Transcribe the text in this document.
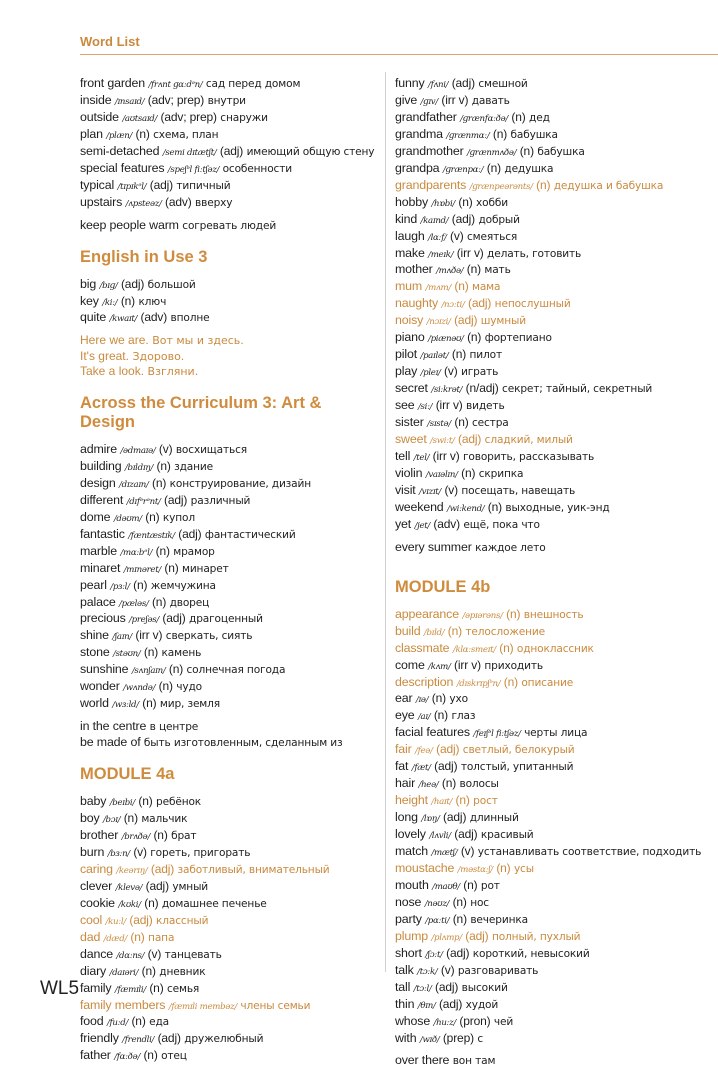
Word List
front garden /frʌnt ɡɑːdᵊn/ сад перед домом
inside /ɪnsaɪd/ (adv; prep) внутри
outside /aʊtsaɪd/ (adv; prep) снаружи
plan /plæn/ (n) схема, план
semi-detached /semi dɪtætʃt/ (adj) имеющий общую стену
special features /speʃᵊl fiːtʃəz/ особенности
typical /tɪpɪkᵊl/ (adj) типичный
upstairs /ʌpsteəz/ (adv) вверху
keep people warm согревать людей
English in Use 3
big /bɪɡ/ (adj) большой
key /kiː/ (n) ключ
quite /kwaɪt/ (adv) вполне
Here we are. Вот мы и здесь.
It's great. Здорово.
Take a look. Взгляни.
Across the Curriculum 3: Art & Design
admire /ədmaɪə/ (v) восхищаться
building /bɪldɪŋ/ (n) здание
design /dɪzaɪn/ (n) конструирование, дизайн
different /dɪfᵊrᵊnt/ (adj) различный
dome /dəʊm/ (n) купол
fantastic /fæntæstɪk/ (adj) фантастический
marble /mɑːbᵊl/ (n) мрамор
minaret /mɪnəret/ (n) минарет
pearl /pɜːl/ (n) жемчужина
palace /pæləs/ (n) дворец
precious /preʃəs/ (adj) драгоценный
shine /ʃaɪn/ (irr v) сверкать, сиять
stone /stəʊn/ (n) камень
sunshine /sʌnʃaɪn/ (n) солнечная погода
wonder /wʌndə/ (n) чудо
world /wɜːld/ (n) мир, земля
in the centre в центре
be made of быть изготовленным, сделанным из
MODULE 4a
baby /beɪbi/ (n) ребёнок
boy /bɔɪ/ (n) мальчик
brother /brʌðə/ (n) брат
burn /bɜːn/ (v) гореть, пригорать
caring /keərɪŋ/ (adj) заботливый, внимательный
clever /klevə/ (adj) умный
cookie /kʊki/ (n) домашнее печенье
cool /kuːl/ (adj) классный
dad /dæd/ (n) папа
dance /dɑːns/ (v) танцевать
diary /daɪəri/ (n) дневник
family /fæmɪli/ (n) семья
family members /fæmɪli membəz/ члены семьи
food /fuːd/ (n) еда
friendly /frendli/ (adj) дружелюбный
father /fɑːðə/ (n) отец
funny /fʌni/ (adj) смешной
give /ɡɪv/ (irr v) давать
grandfather /ɡrænfɑːðə/ (n) дед
grandma /ɡrænmɑː/ (n) бабушка
grandmother /ɡrænmʌðə/ (n) бабушка
grandpa /ɡrænpɑː/ (n) дедушка
grandparents /ɡrænpeərənts/ (n) дедушка и бабушка
hobby /hɒbi/ (n) хобби
kind /kaɪnd/ (adj) добрый
laugh /lɑːf/ (v) смеяться
make /meɪk/ (irr v) делать, готовить
mother /mʌðə/ (n) мать
mum /mʌm/ (n) мама
naughty /nɔːti/ (adj) непослушный
noisy /nɔɪzi/ (adj) шумный
piano /piænəʊ/ (n) фортепиано
pilot /paɪlət/ (n) пилот
play /pleɪ/ (v) играть
secret /siːkrət/ (n/adj) секрет; тайный, секретный
see /siː/ (irr v) видеть
sister /sɪstə/ (n) сестра
sweet /swiːt/ (adj) сладкий, милый
tell /tel/ (irr v) говорить, рассказывать
violin /vaɪəlɪn/ (n) скрипка
visit /vɪzɪt/ (v) посещать, навещать
weekend /wiːkend/ (n) выходные, уик-энд
yet /jet/ (adv) ещё, пока что
every summer каждое лето
MODULE 4b
appearance /əpɪərəns/ (n) внешность
build /bɪld/ (n) телосложение
classmate /klɑːsmeɪt/ (n) одноклассник
come /kʌm/ (irr v) приходить
description /dɪskrɪpʃᵊn/ (n) описание
ear /ɪə/ (n) ухо
eye /aɪ/ (n) глаз
facial features /feɪʃᵊl fiːtʃəz/ черты лица
fair /feə/ (adj) светлый, белокурый
fat /fæt/ (adj) толстый, упитанный
hair /heə/ (n) волосы
height /haɪt/ (n) рост
long /lɒŋ/ (adj) длинный
lovely /lʌvli/ (adj) красивый
match /mætʃ/ (v) устанавливать соответствие, подходить
moustache /məstɑːʃ/ (n) усы
mouth /maʊθ/ (n) рот
nose /nəʊz/ (n) нос
party /pɑːti/ (n) вечеринка
plump /plʌmp/ (adj) полный, пухлый
short /ʃɔːt/ (adj) короткий, невысокий
talk /tɔːk/ (v) разговаривать
tall /tɔːl/ (adj) высокий
thin /θɪn/ (adj) худой
whose /huːz/ (pron) чей
with /wɪð/ (prep) с
over there вон там
WL5
